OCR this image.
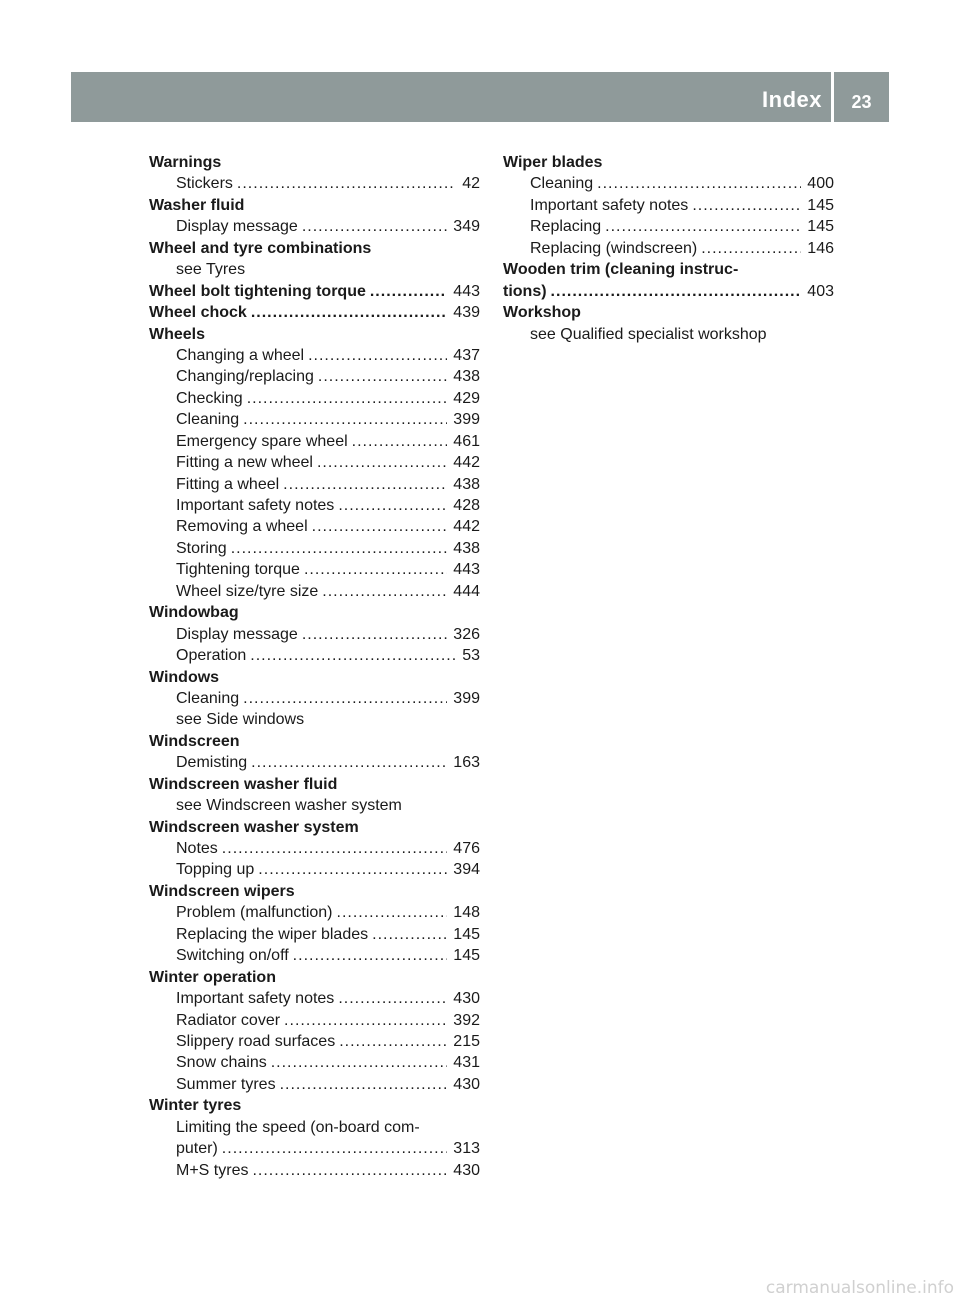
Index	23
Warnings
Stickers .....	42
Washer fluid
Display message .....	349
Wheel and tyre combinations
see Tyres
Wheel bolt tightening torque .....	443
Wheel chock .....	439
Wheels
Changing a wheel .....	437
Changing/replacing .....	438
Checking .....	429
Cleaning .....	399
Emergency spare wheel .....	461
Fitting a new wheel .....	442
Fitting a wheel .....	438
Important safety notes .....	428
Removing a wheel .....	442
Storing .....	438
Tightening torque .....	443
Wheel size/tyre size .....	444
Windowbag
Display message .....	326
Operation .....	53
Windows
Cleaning .....	399
see Side windows
Windscreen
Demisting .....	163
Windscreen washer fluid
see Windscreen washer system
Windscreen washer system
Notes .....	476
Topping up .....	394
Windscreen wipers
Problem (malfunction) .....	148
Replacing the wiper blades .....	145
Switching on/off .....	145
Winter operation
Important safety notes .....	430
Radiator cover .....	392
Slippery road surfaces .....	215
Snow chains .....	431
Summer tyres .....	430
Winter tyres
Limiting the speed (on-board com-
puter) .....	313
M+S tyres .....	430
Wiper blades
Cleaning .....	400
Important safety notes .....	145
Replacing .....	145
Replacing (windscreen) .....	146
Wooden trim (cleaning instruc-
tions) .....	403
Workshop
see Qualified specialist workshop
carmanualsonline.info
